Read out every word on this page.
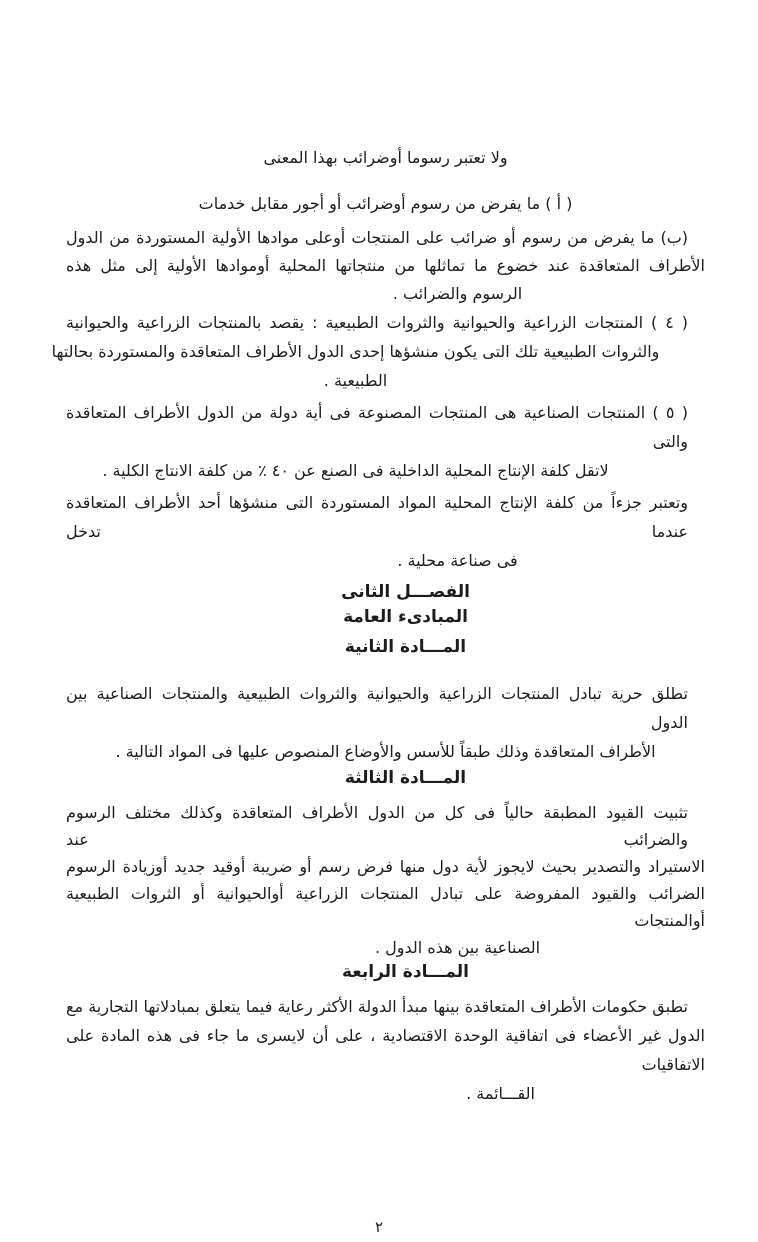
ولا تعتبر رسوما أوضرائب بهذا المعنى
( أ ) ما يفرض من رسوم أوضرائب أو أجور مقابل خدمات
(ب) ما يفرض من رسوم أو ضرائب على المنتجات أوعلى موادها الأولية المستوردة من الدول
الأطراف المتعاقدة عند خضوع ما تماثلها من منتجاتها المحلية أوموادها الأولية إلى مثل هذه
الرسوم والضرائب .
( ٤ ) المنتجات الزراعية والحيوانية والثروات الطبيعية : يقصد بالمنتجات الزراعية والحيوانية
والثروات الطبيعية تلك التى يكون منشؤها إحدى الدول الأطراف المتعاقدة والمستوردة بحالتها الطبيعية .
( ٥ ) المنتجات الصناعية هى المنتجات المصنوعة فى أية دولة من الدول الأطراف المتعاقدة والتى
لاتقل كلفة الإنتاج المحلية الداخلية فى الصنع عن ٤٠ ٪ من كلفة الانتاج الكلية .
وتعتبر جزءاً من كلفة الإنتاج المحلية المواد المستوردة التى منشؤها أحد الأطراف المتعاقدة عندما تدخل
فى صناعة محلية .
الفصـــل الثانى
المبادىء العامة
المـــادة الثانية
تطلق حرية تبادل المنتجات الزراعية والحيوانية والثروات الطبيعية والمنتجات الصناعية بين الدول
الأطراف المتعاقدة وذلك طبقاً للأسس والأوضاع المنصوص عليها فى المواد التالية .
المـــادة الثالثة
تثبيت القيود المطبقة حالياً فى كل من الدول الأطراف المتعاقدة وكذلك مختلف الرسوم والضرائب عند
الاستيراد والتصدير بحيث لايجوز لأية دول منها فرض رسم أو ضريبة أوقيد جديد أوزيادة الرسوم
الضرائب والقيود المفروضة على تبادل المنتجات الزراعية أوالحيوانية أو الثروات الطبيعية أوالمنتجات
الصناعية بين هذه الدول .
المـــادة الرابعة
تطبق حكومات الأطراف المتعاقدة بينها مبدأ الدولة الأكثر رعاية فيما يتعلق بمبادلاتها التجارية مع
الدول غير الأعضاء فى اتفاقية الوحدة الاقتصادية ، على أن لايسرى ما جاء فى هذه المادة على الاتفاقيات
القـــائمة .
٢
